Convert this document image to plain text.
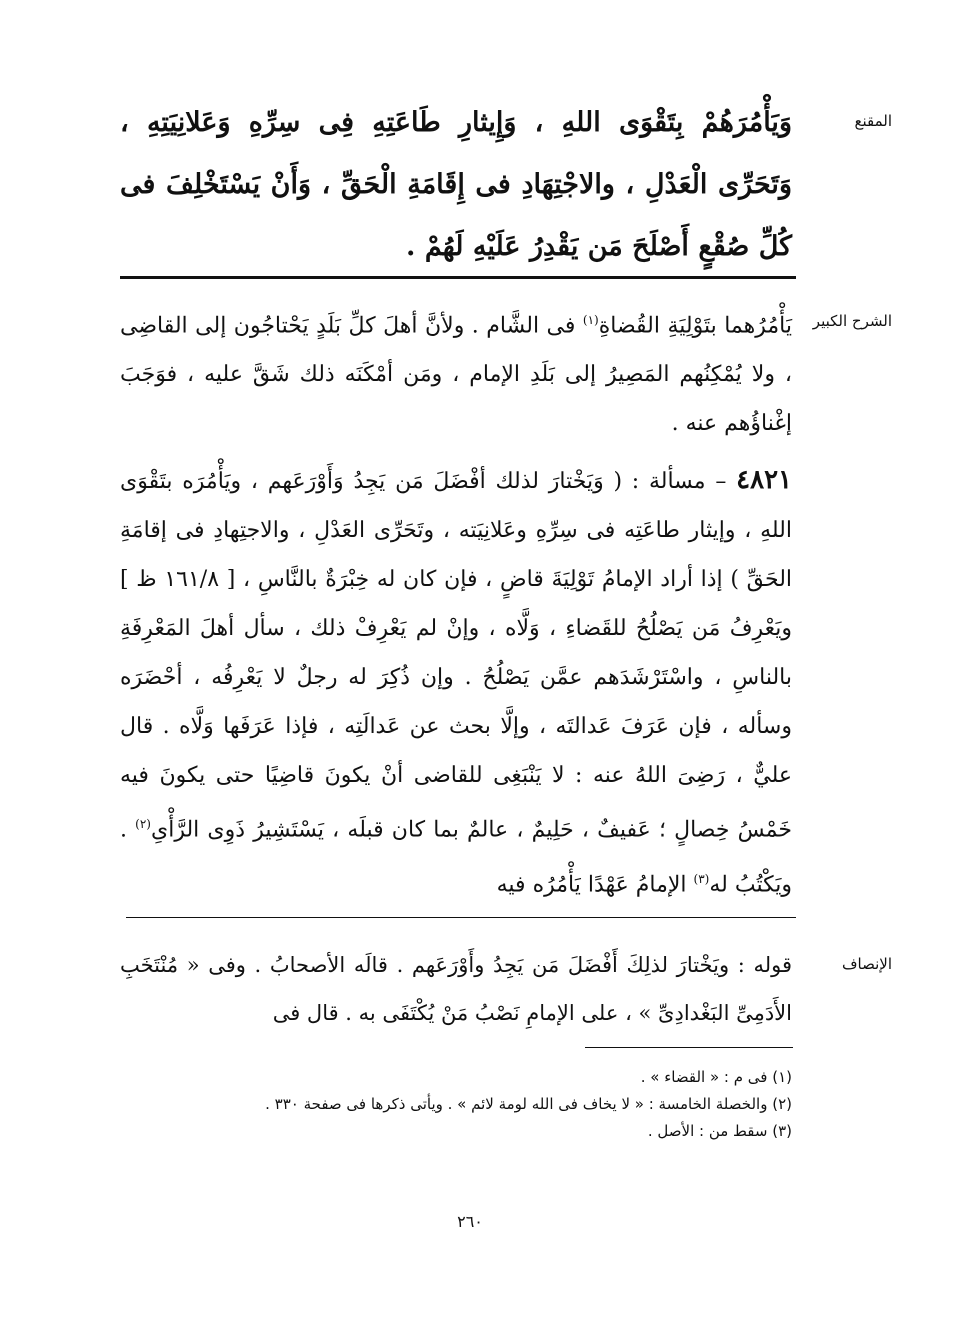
المقنع

وَيَأْمُرَهُمْ بِتَقْوَى اللهِ ، وَإِيثارِ طَاعَتِهِ فِى سِرِّهِ وَعَلانِيَتِهِ ، وَتَحَرِّى الْعَدْلِ ، والاجْتِهَادِ فى إِقَامَةِ الْحَقِّ ، وَأَنْ يَسْتَخْلِفَ فى كُلِّ صُقْعٍ أَصْلَحَ مَن يَقْدِرُ عَلَيْهِ لَهُمْ .

الشرح الكبير

يَأْمُرُهما بتَوْلِيَةِ القُضاةِ$^{(١)}$ فى الشَّام . ولأنَّ أهلَ كلِّ بَلَدٍ يَحْتاجُون إلى القاضِى ، ولا يُمْكِنُهم المَصِيرُ إلى بَلَدِ الإمام ، ومَن أمْكَنَه ذلك شَقَّ عليه ، فوَجَبَ إغْناؤُهم عنه .

٤٨٢١ – مسألة : ( وَيَخْتارَ لذلك أفْضَلَ مَن يَجِدُ وَأَوْرَعَهم ، ويَأْمُرَه بتَقْوَى اللهِ ، وإيثار طاعَتِه فى سِرِّهِ وعَلانِيَته ، وتَحَرِّى العَدْلِ ، والاجتِهادِ فى إقامَةِ الحَقِّ ) إذا أراد الإمامُ تَوْلِيَةَ قاضٍ ، فإن كان له خِبْرَةٌ بالنَّاسِ ، [ ١٦١/٨ ظ ] ويَعْرِفُ مَن يَصْلُحُ للقَضاءِ ، وَلَّاه ، وإنْ لم يَعْرِفْ ذلك ، سأل أهلَ المَعْرِفَةِ بالناسِ ، واسْتَرْشَدَهم عمَّن يَصْلُحُ . وإن ذُكِرَ له رجلٌ لا يَعْرِفُه ، أحْضَرَه وسأله ، فإن عَرَفَ عَدالتَه ، وإلَّا بحث عن عَدالَتِه ، فإذا عَرَفَها وَلَّاه . قال عليٌّ ، رَضِىَ اللهُ عنه : لا يَنْبَغِى للقاضى أنْ يكونَ قاضِيًا حتى يكونَ فيه خَمْسُ خِصالٍ ؛ عَفيفٌ ، حَلِيمٌ ، عالمٌ بما كان قبلَه ، يَسْتَشِيرُ ذَوِى الرَّأْىِ$^{(٢)}$ . ويَكْتُبُ له$^{(٣)}$ الإمامُ عَهْدًا يَأْمُرُه فيه

الإنصاف

قوله : ويَخْتارَ لذلِكَ أَفْضَلَ مَن يَجِدُ وأَوْرَعَهم . قالَه الأصحابُ . وفى « مُنْتَخَبِ الأَدَمِىِّ البَغْدادِىِّ » ، على الإمامِ نَصْبُ مَنْ يُكْتَفَى به . قال فى

(١) فى م : « القضاء » .
(٢) والخصلة الخامسة : « لا يخاف فى الله لومة لائم » . ويأتى ذكرها فى صفحة ٣٣٠ .
(٣) سقط من : الأصل .
٢٦٠
